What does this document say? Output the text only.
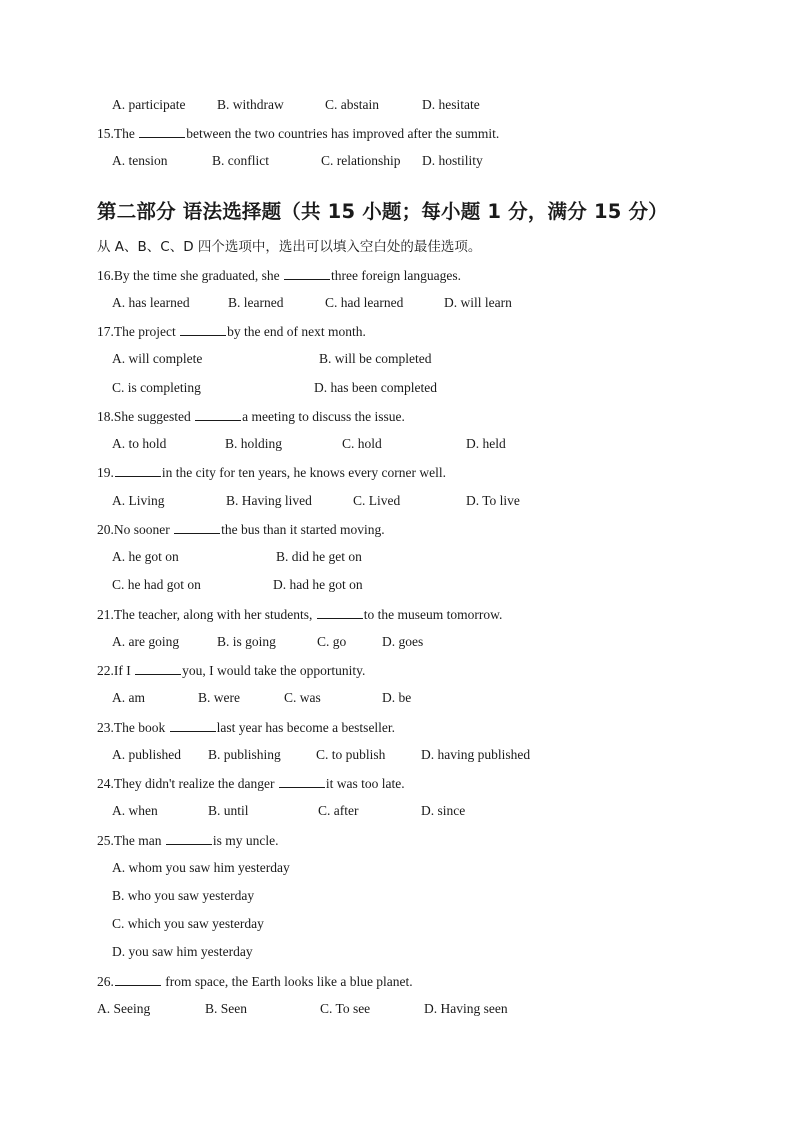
A. participate B. withdraw	C. abstain	D. hesitate
15.The	between the two countries has improved after the summit.
A. tension	B. conflict	C. relationship D. hostility
第二部分 语法选择题（共 15 小题；每小题 1 分，满分 15 分）
从 A、B、C、D 四个选项中，选出可以填入空白处的最佳选项。
16.By the time she graduated, she	three foreign languages.
A. has learned	B. learned	C. had learned	D. will learn
17.The project	by the end of next month.
A. will complete	B. will be completed
C. is completing	D. has been completed
18.She suggested	a meeting to discuss the issue.
A. to hold	B. holding	C. hold	D. held
19.	in the city for ten years, he knows every corner well.
A. Living	B. Having lived	C. Lived	D. To live
20.No sooner	the bus than it started moving.
A. he got on	B. did he get on
C. he had got on	D. had he got on
21.The teacher, along with her students,	to the museum tomorrow.
A. are going	B. is going	C. go	D. goes
22.If I	you, I would take the opportunity.
A. am	B. were	C. was	D. be
23.The book	last year has become a bestseller.
A. published B. publishing	C. to publish	D. having published
24.They didn't realize the danger	it was too late.
A. when	B. until	C. after	D. since
25.The man	is my uncle.
A. whom you saw him yesterday
B. who you saw yesterday
C. which you saw yesterday
D. you saw him yesterday
26.	from space, the Earth looks like a blue planet.
A. Seeing	B. Seen	C. To see	D. Having seen
